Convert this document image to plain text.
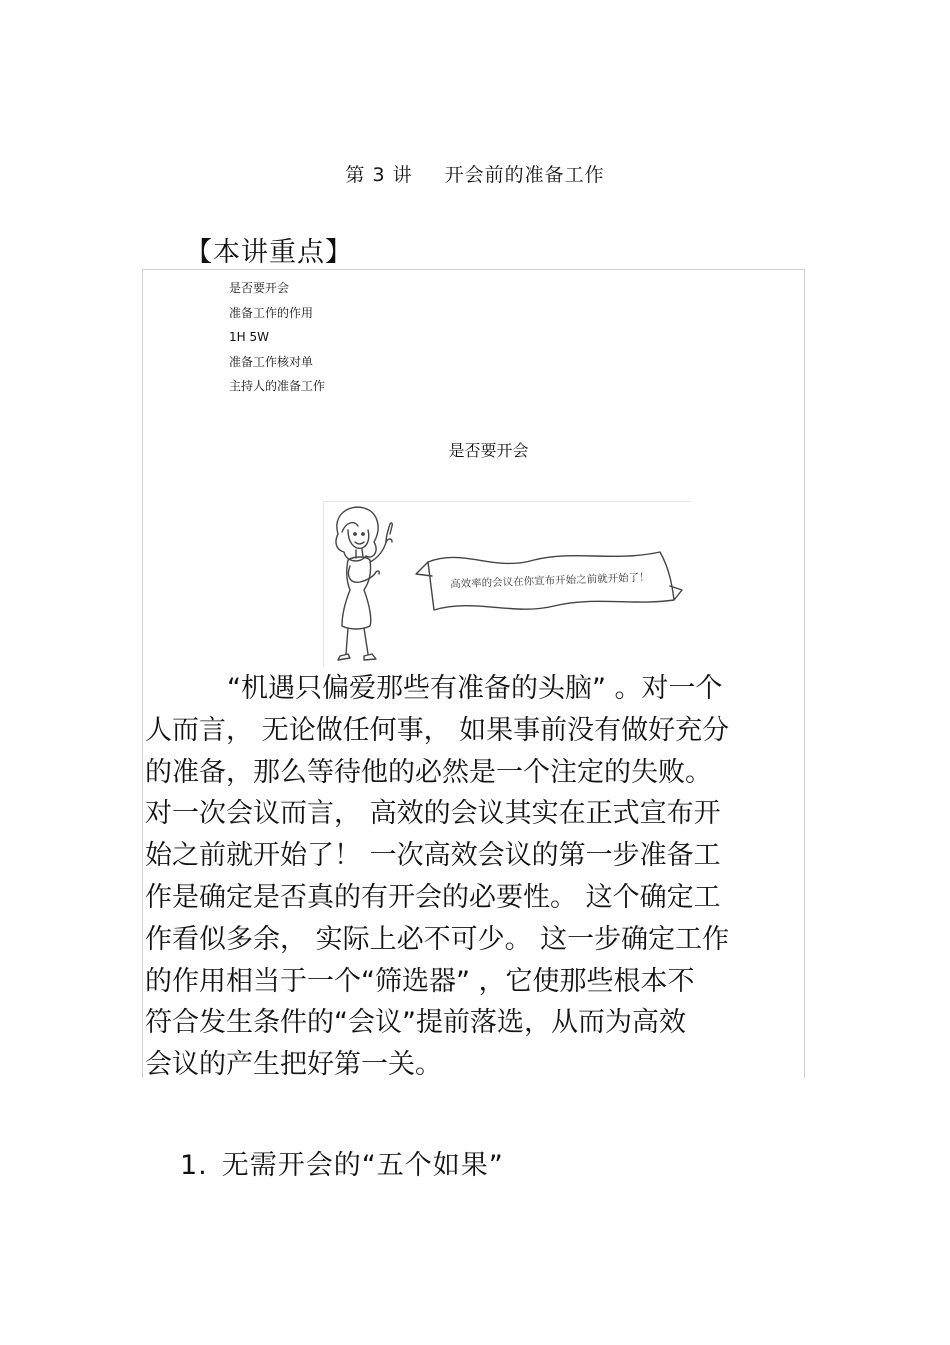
第 3 讲 开会前的准备工作
【本讲重点】
是否要开会
准备工作的作用
1H 5W
准备工作核对单
主持人的准备工作
是否要开会
高效率的会议在你宣布开始之前就开始了！

“机遇只偏爱那些有准备的头脑” 。对一个
人而言， 无论做任何事， 如果事前没有做好充分
的准备，那么等待他的必然是一个注定的失败。
对一次会议而言， 高效的会议其实在正式宣布开
始之前就开始了！ 一次高效会议的第一步准备工
作是确定是否真的有开会的必要性。 这个确定工
作看似多余， 实际上必不可少。 这一步确定工作
的作用相当于一个“筛选器” ，它使那些根本不
符合发生条件的“会议”提前落选，从而为高效
会议的产生把好第一关。

1. 无需开会的“五个如果”
